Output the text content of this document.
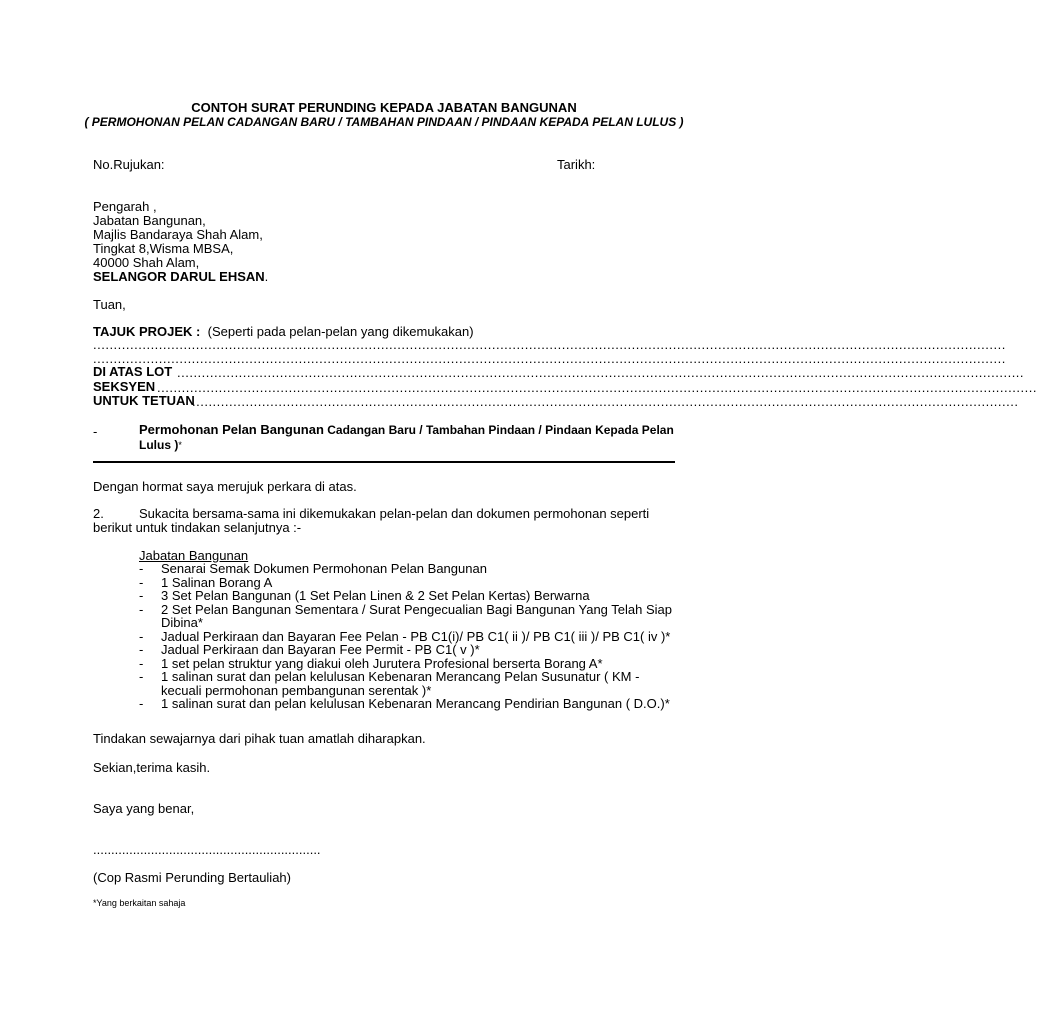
CONTOH SURAT PERUNDING KEPADA JABATAN BANGUNAN
( PERMOHONAN PELAN CADANGAN BARU / TAMBAHAN PINDAAN / PINDAAN KEPADA PELAN LULUS )
No.Rujukan:	Tarikh:
Pengarah ,
Jabatan Bangunan,
Majlis Bandaraya Shah Alam,
Tingkat 8,Wisma MBSA,
40000 Shah Alam,
SELANGOR DARUL EHSAN.
Tuan,
TAJUK PROJEK : (Seperti pada pelan-pelan yang dikemukakan)
..............................................................................................................................................................................................................................
..............................................................................................................................................................................................................................
DI ATAS LOT ..............................................................................................................................................................................................................
SEKSYEN ......................................................................................................................................................................................................................
UNTUK TETUAN
.........................................................................................................................................................................................................
-	Permohonan Pelan Bangunan Cadangan Baru / Tambahan Pindaan / Pindaan Kepada Pelan
Lulus )*
Dengan hormat saya merujuk perkara di atas.
2.	Sukacita bersama-sama ini dikemukakan pelan-pelan dan dokumen permohonan seperti
berikut untuk tindakan selanjutnya :-
Jabatan Bangunan
- Senarai Semak Dokumen Permohonan Pelan Bangunan
- 1 Salinan Borang A
- 3 Set Pelan Bangunan (1 Set Pelan Linen & 2 Set Pelan Kertas) Berwarna
- 2 Set Pelan Bangunan Sementara / Surat Pengecualian Bagi Bangunan Yang Telah Siap
Dibina*
- Jadual Perkiraan dan Bayaran Fee Pelan - PB C1(i)/ PB C1( ii )/ PB C1( iii )/ PB C1( iv )*
- Jadual Perkiraan dan Bayaran Fee Permit - PB C1( v )*
- 1 set pelan struktur yang diakui oleh Jurutera Profesional berserta Borang A*
- 1 salinan surat dan pelan kelulusan Kebenaran Merancang Pelan Susunatur ( KM -
kecuali permohonan pembangunan serentak )*
- 1 salinan surat dan pelan kelulusan Kebenaran Merancang Pendirian Bangunan ( D.O.)*
Tindakan sewajarnya dari pihak tuan amatlah diharapkan.
Sekian,terima kasih.
Saya yang benar,
...............................................................
(Cop Rasmi Perunding Bertauliah)
*Yang berkaitan sahaja
